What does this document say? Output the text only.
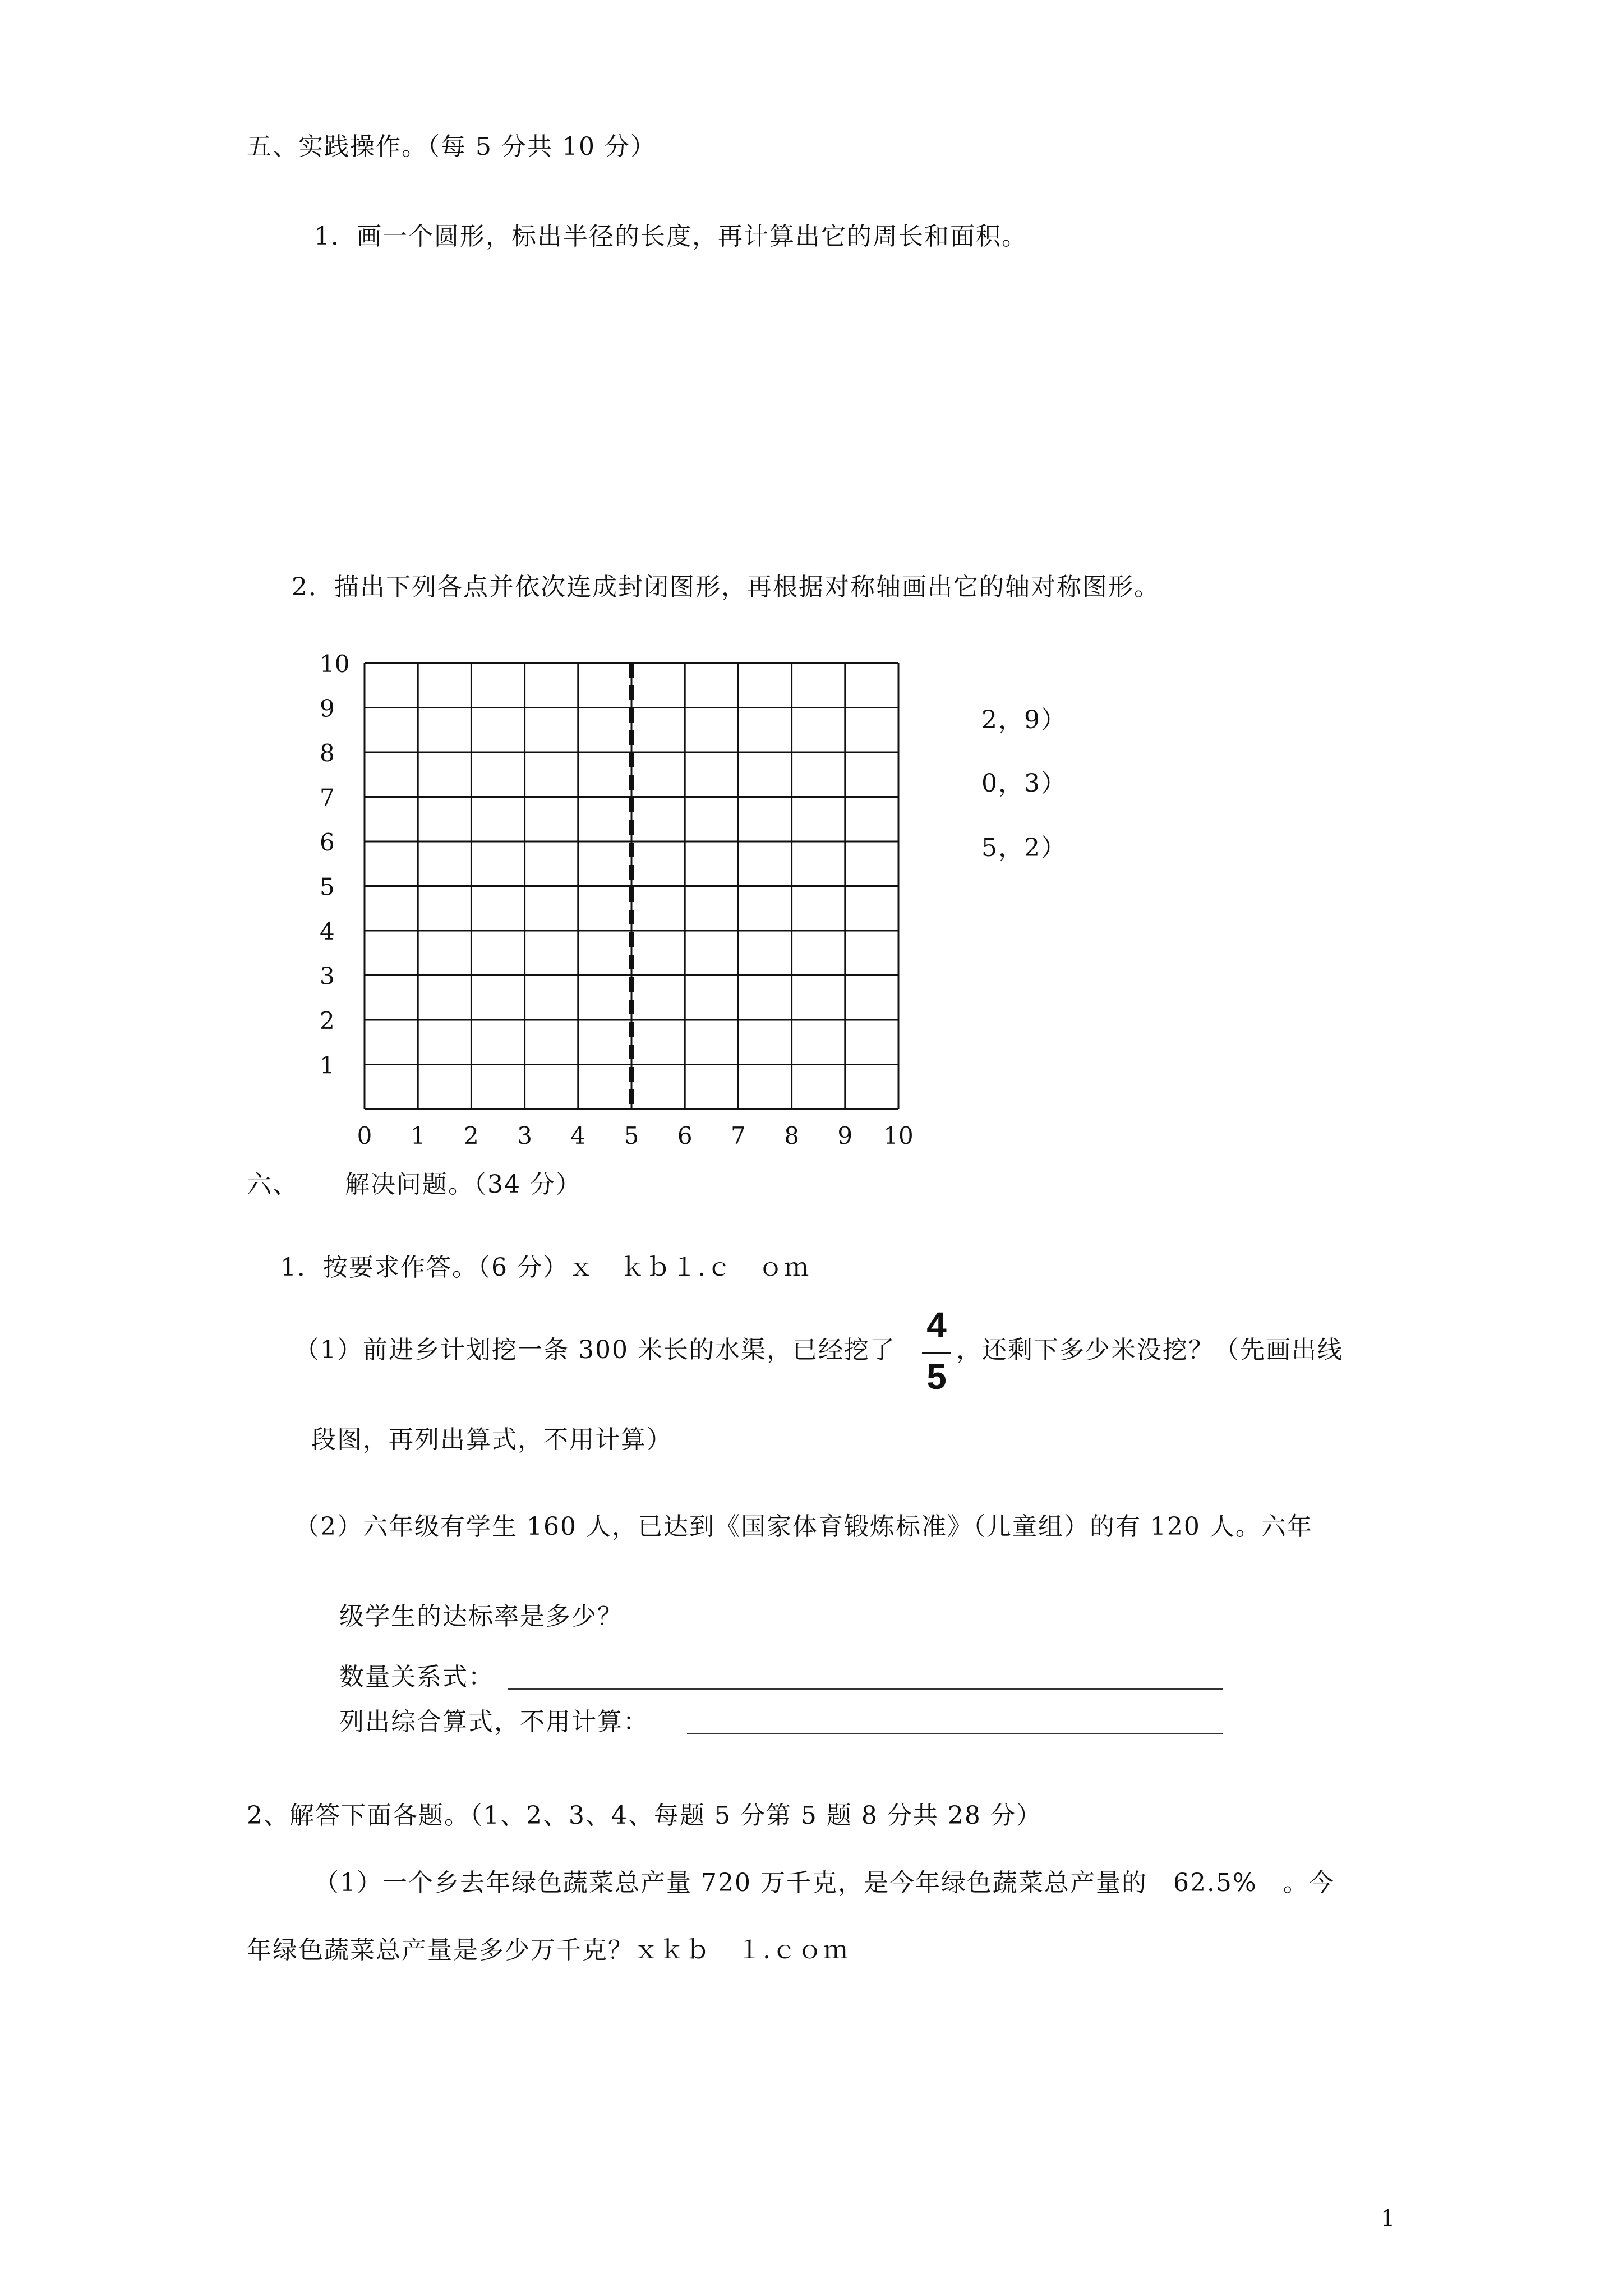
五、实践操作。（每 5 分共 10 分）
1．画一个圆形，标出半径的长度，再计算出它的周长和面积。
2．描出下列各点并依次连成封闭图形，再根据对称轴画出它的轴对称图形。
10
9
8
7
6
5
4
3
2
1
0 1 2 3 4 5 6 7 8 9 10
2，9）
0，3）
5，2）
六、 解决问题。（34 分）
1．按要求作答。（6 分）ｘ　ｋｂ１.ｃ　ｏｍ
（1）前进乡计划挖一条 300 米长的水渠，已经挖了
4
5
，还剩下多少米没挖？（先画出线
段图，再列出算式，不用计算）
（2）六年级有学生 160 人，已达到《国家体育锻炼标准》（儿童组）的有 120 人。六年
级学生的达标率是多少？
数量关系式：
列出综合算式，不用计算：
2、解答下面各题。（1、2、3、4、每题 5 分第 5 题 8 分共 28 分）
（1）一个乡去年绿色蔬菜总产量 720 万千克，是今年绿色蔬菜总产量的　62.5%　。今
年绿色蔬菜总产量是多少万千克？ｘｋｂ　１.ｃｏｍ
1
